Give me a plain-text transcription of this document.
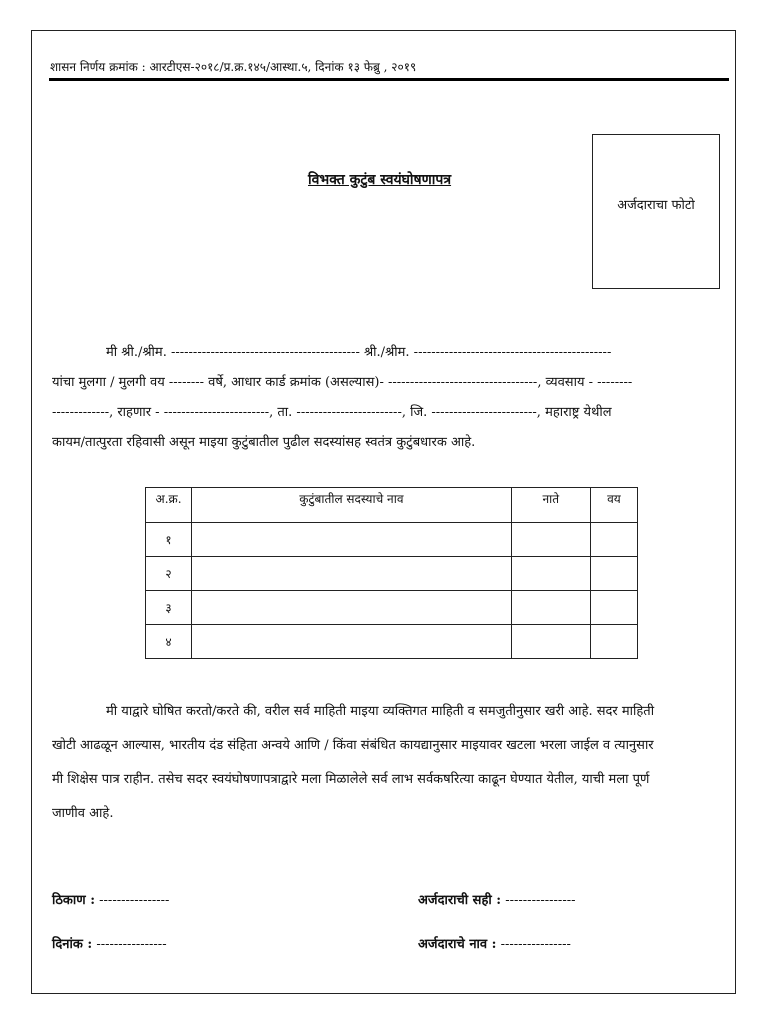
शासन निर्णय क्रमांक : आरटीएस-२०१८/प्र.क्र.१४५/आस्था.५, दिनांक १३ फेब्रु , २०१९
विभक्त कुटुंब स्वयंघोषणापत्र
अर्जदाराचा फोटो
मी श्री./श्रीम. ------------------------------------------- श्री./श्रीम. ---------------------------------------------
यांचा मुलगा / मुलगी वय -------- वर्षे, आधार कार्ड क्रमांक (असल्यास)- ----------------------------------, व्यवसाय - --------
-------------, राहणार - ------------------------, ता. ------------------------, जि. ------------------------, महाराष्ट्र येथील
कायम/तात्पुरता रहिवासी असून माइया कुटुंबातील पुढील सदस्यांसह स्वतंत्र कुटुंबधारक आहे.
अ.क्र.	कुटुंबातील सदस्याचे नाव	नाते	वय
१			
२			
३			
४			
मी याद्वारे घोषित करतो/करते की, वरील सर्व माहिती माइया व्यक्तिगत माहिती व समजुतीनुसार खरी आहे. सदर माहिती
खोटी आढळून आल्यास, भारतीय दंड संहिता अन्वये आणि / किंवा संबंधित कायद्यानुसार माइयावर खटला भरला जाईल व त्यानुसार
मी शिक्षेस पात्र राहीन. तसेच सदर स्वयंघोषणापत्राद्वारे मला मिळालेले सर्व लाभ सर्वकषरित्या काढून घेण्यात येतील, याची मला पूर्ण
जाणीव आहे.
ठिकाण : ----------------
दिनांक : ----------------
अर्जदाराची सही : ----------------
अर्जदाराचे नाव : ----------------
